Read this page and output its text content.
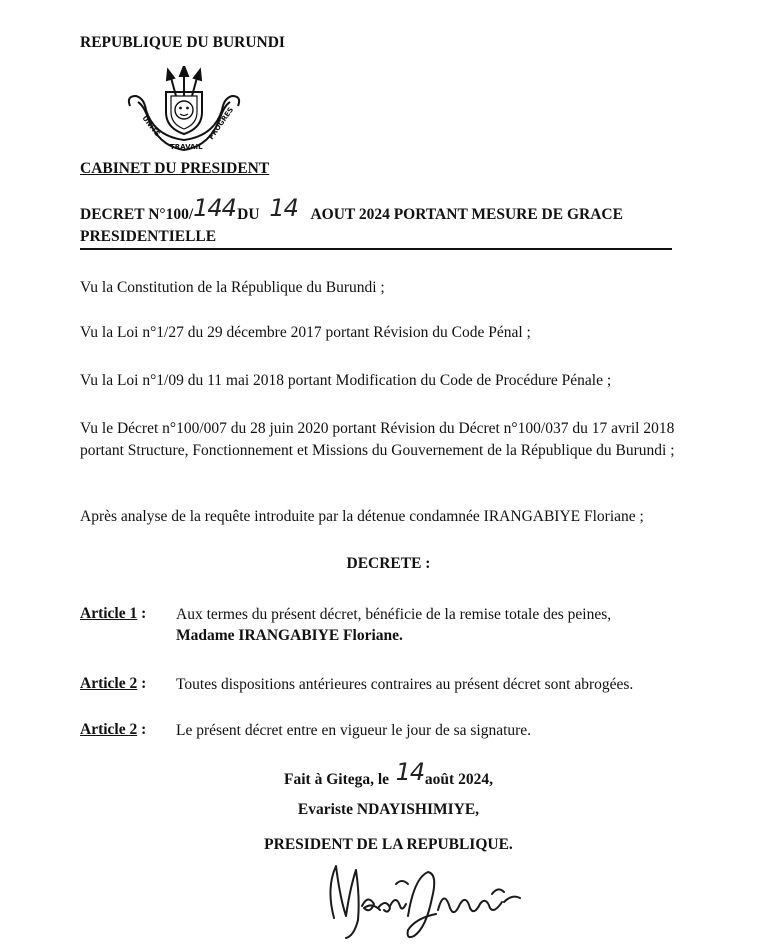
REPUBLIQUE DU BURUNDI
UNITE
TRAVAIL
PROGRES
CABINET DU PRESIDENT
DECRET N°100/144DU 14 AOUT 2024 PORTANT MESURE DE GRACE
PRESIDENTIELLE
Vu la Constitution de la République du Burundi ;
Vu la Loi n°1/27 du 29 décembre 2017 portant Révision du Code Pénal ;
Vu la Loi n°1/09 du 11 mai 2018 portant Modification du Code de Procédure Pénale ;
Vu le Décret n°100/007 du 28 juin 2020 portant Révision du Décret n°100/037 du 17 avril 2018 portant Structure, Fonctionnement et Missions du Gouvernement de la République du Burundi ;
Après analyse de la requête introduite par la détenue condamnée IRANGABIYE Floriane ;
DECRETE :
Article 1 : Aux termes du présent décret, bénéficie de la remise totale des peines,
Madame IRANGABIYE Floriane.
Article 2 : Toutes dispositions antérieures contraires au présent décret sont abrogées.
Article 2 : Le présent décret entre en vigueur le jour de sa signature.
Fait à Gitega, le 14août 2024,
Evariste NDAYISHIMIYE,
PRESIDENT DE LA REPUBLIQUE.
